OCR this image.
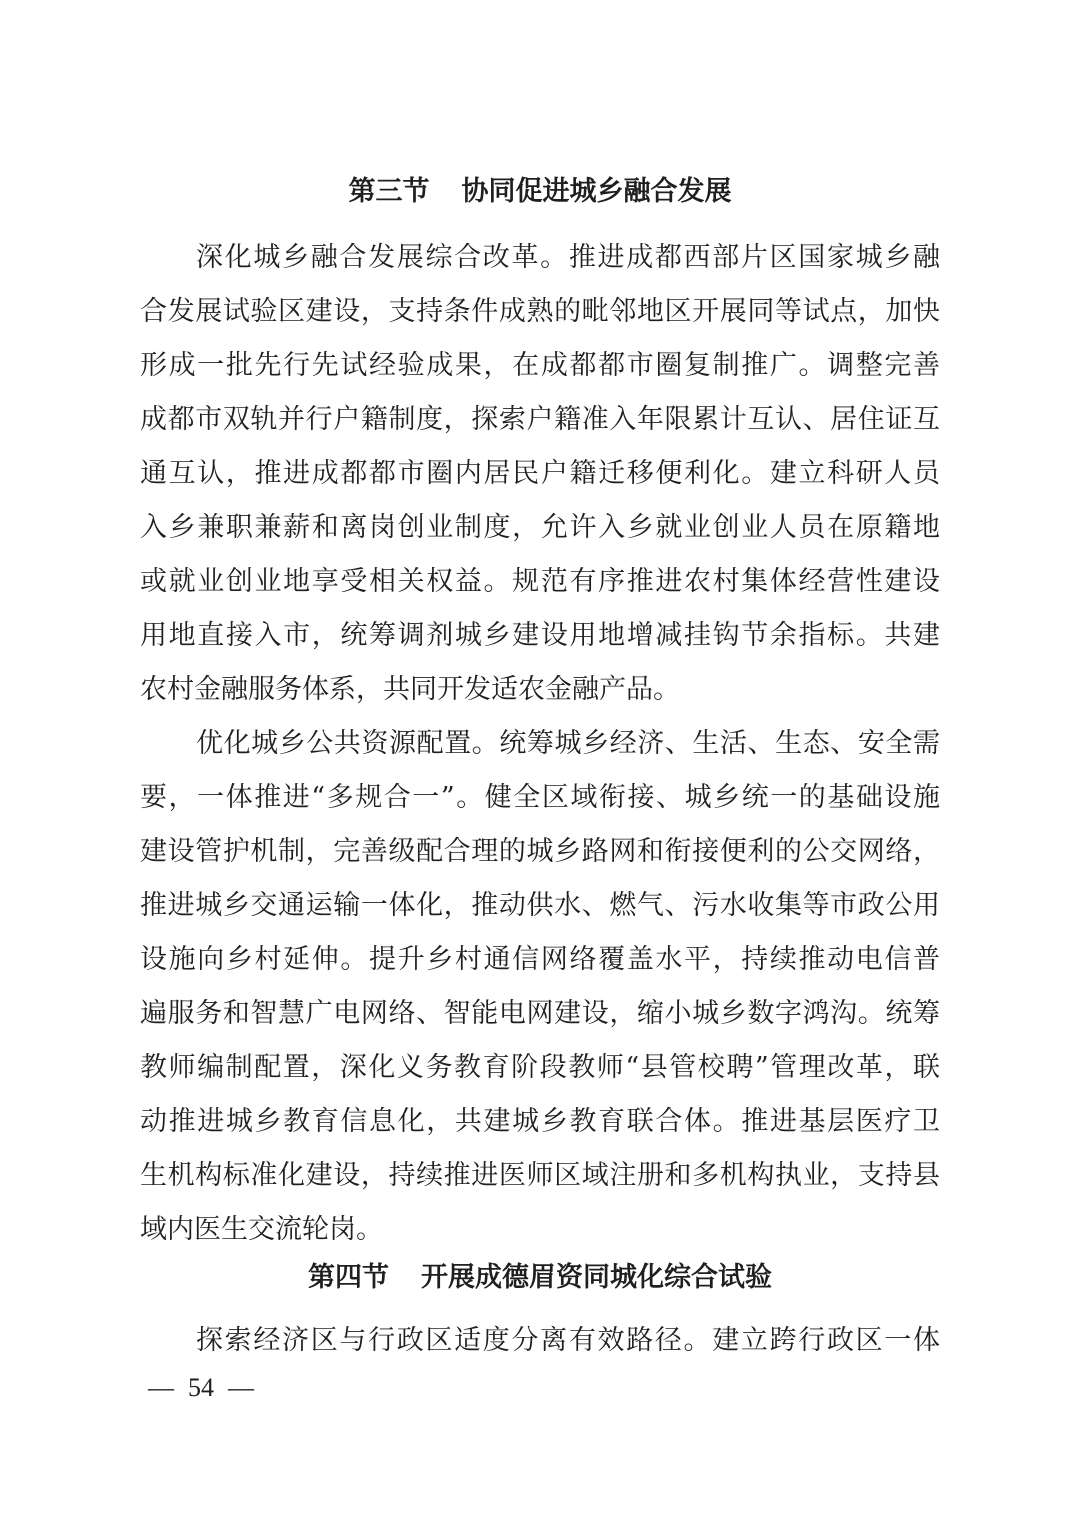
第三节 协同促进城乡融合发展
深化城乡融合发展综合改革。推进成都西部片区国家城乡融
合发展试验区建设，支持条件成熟的毗邻地区开展同等试点，加快
形成一批先行先试经验成果，在成都都市圈复制推广。调整完善
成都市双轨并行户籍制度，探索户籍准入年限累计互认、居住证互
通互认，推进成都都市圈内居民户籍迁移便利化。建立科研人员
入乡兼职兼薪和离岗创业制度，允许入乡就业创业人员在原籍地
或就业创业地享受相关权益。规范有序推进农村集体经营性建设
用地直接入市，统筹调剂城乡建设用地增减挂钩节余指标。共建
农村金融服务体系，共同开发适农金融产品。
优化城乡公共资源配置。统筹城乡经济、生活、生态、安全需
要，一体推进“多规合一”。健全区域衔接、城乡统一的基础设施
建设管护机制，完善级配合理的城乡路网和衔接便利的公交网络，
推进城乡交通运输一体化，推动供水、燃气、污水收集等市政公用
设施向乡村延伸。提升乡村通信网络覆盖水平，持续推动电信普
遍服务和智慧广电网络、智能电网建设，缩小城乡数字鸿沟。统筹
教师编制配置，深化义务教育阶段教师“县管校聘”管理改革，联
动推进城乡教育信息化，共建城乡教育联合体。推进基层医疗卫
生机构标准化建设，持续推进医师区域注册和多机构执业，支持县
域内医生交流轮岗。
第四节 开展成德眉资同城化综合试验
探索经济区与行政区适度分离有效路径。建立跨行政区一体
— 54 —
